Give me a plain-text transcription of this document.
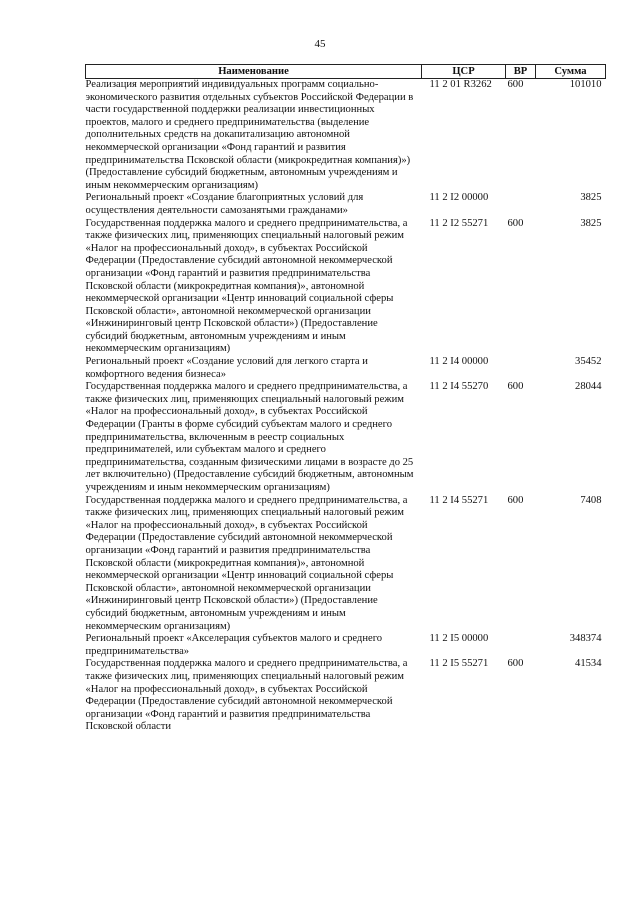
45
Наименование	ЦСР	ВР	Сумма
Реализация мероприятий индивидуальных программ социально-экономического развития отдельных субъектов Российской Федерации в части государственной поддержки реализации инвестиционных проектов, малого и среднего предпринимательства (выделение дополнительных средств на докапитализацию автономной некоммерческой организации «Фонд гарантий и развития предпринимательства Псковской области (микрокредитная компания)») (Предоставление субсидий бюджетным, автономным учреждениям и иным некоммерческим организациям)	11 2 01 R3262	600	101010
Региональный проект «Создание благоприятных условий для осуществления деятельности самозанятыми гражданами»	11 2 I2 00000		3825
Государственная поддержка малого и среднего предпринимательства, а также физических лиц, применяющих специальный налоговый режим «Налог на профессиональный доход», в субъектах Российской Федерации (Предоставление субсидий автономной некоммерческой организации «Фонд гарантий и развития предпринимательства Псковской области (микрокредитная компания)», автономной некоммерческой организации «Центр инноваций социальной сферы Псковской области», автономной некоммерческой организации «Инжиниринговый центр Псковской области») (Предоставление субсидий бюджетным, автономным учреждениям и иным некоммерческим организациям)	11 2 I2 55271	600	3825
Региональный проект «Создание условий для легкого старта и комфортного ведения бизнеса»	11 2 I4 00000		35452
Государственная поддержка малого и среднего предпринимательства, а также физических лиц, применяющих специальный налоговый режим «Налог на профессиональный доход», в субъектах Российской Федерации (Гранты в форме субсидий субъектам малого и среднего предпринимательства, включенным в реестр социальных предпринимателей, или субъектам малого и среднего предпринимательства, созданным физическими лицами в возрасте до 25 лет включительно) (Предоставление субсидий бюджетным, автономным учреждениям и иным некоммерческим организациям)	11 2 I4 55270	600	28044
Государственная поддержка малого и среднего предпринимательства, а также физических лиц, применяющих специальный налоговый режим «Налог на профессиональный доход», в субъектах Российской Федерации (Предоставление субсидий автономной некоммерческой организации «Фонд гарантий и развития предпринимательства Псковской области (микрокредитная компания)», автономной некоммерческой организации «Центр инноваций социальной сферы Псковской области», автономной некоммерческой организации «Инжиниринговый центр Псковской области») (Предоставление субсидий бюджетным, автономным учреждениям и иным некоммерческим организациям)	11 2 I4 55271	600	7408
Региональный проект «Акселерация субъектов малого и среднего предпринимательства»	11 2 I5 00000		348374
Государственная поддержка малого и среднего предпринимательства, а также физических лиц, применяющих специальный налоговый режим «Налог на профессиональный доход», в субъектах Российской Федерации (Предоставление субсидий автономной некоммерческой организации «Фонд гарантий и развития предпринимательства Псковской области	11 2 I5 55271	600	41534
